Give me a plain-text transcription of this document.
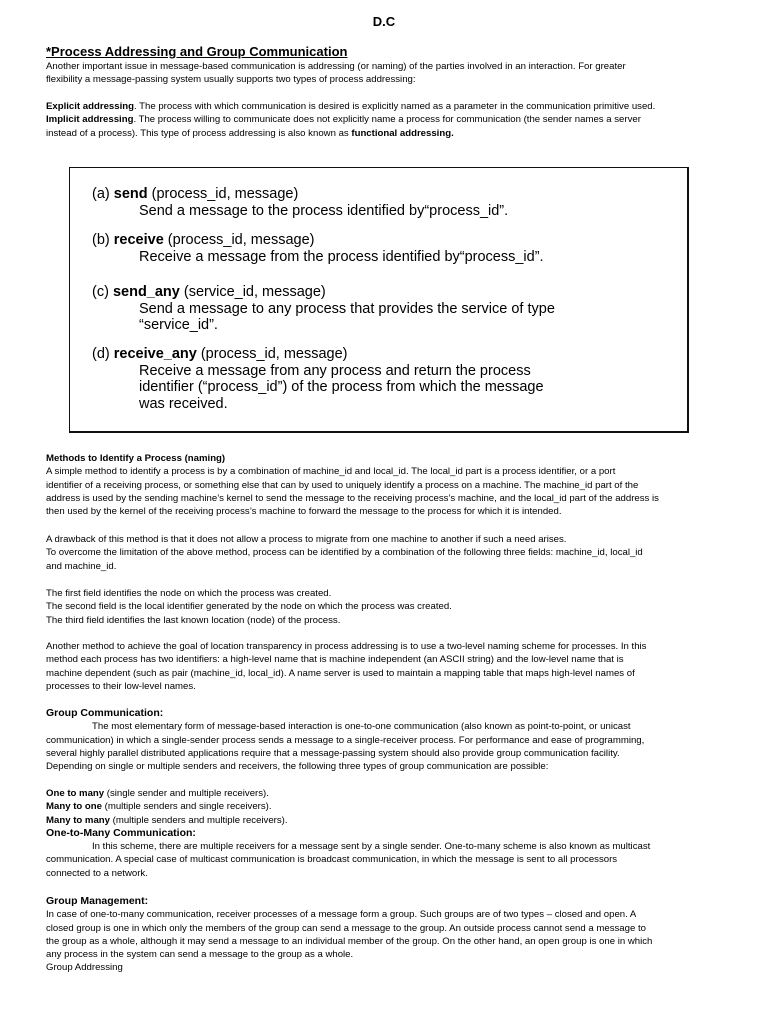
D.C
*Process Addressing and Group Communication

Another important issue in message-based communication is addressing (or naming) of the parties involved in an interaction. For greater

flexibility a message-passing system usually supports two types of process addressing:

Explicit addressing. The process with which communication is desired is explicitly named as a parameter in the communication primitive used.

Implicit addressing. The process willing to communicate does not explicitly name a process for communication (the sender names a server

instead of a process). This type of process addressing is also known as functional addressing.

(a) send (process_id, message)
Send a message to the process identified by“process_id”.
(b) receive (process_id, message)
Receive a message from the process identified by“process_id”.
(c) send_any (service_id, message)
Send a message to any process that provides the service of type
“service_id”.
(d) receive_any (process_id, message)
Receive a message from any process and return the process
identifier (“process_id”) of the process from which the message
was received.

Methods to Identify a Process (naming)

A simple method to identify a process is by a combination of machine_id and local_id. The local_id part is a process identifier, or a port

identifier of a receiving process, or something else that can by used to uniquely identify a process on a machine. The machine_id part of the

address is used by the sending machine’s kernel to send the message to the receiving process’s machine, and the local_id part of the address is

then used by the kernel of the receiving process’s machine to forward the message to the process for which it is intended.

A drawback of this method is that it does not allow a process to migrate from one machine to another if such a need arises.

To overcome the limitation of the above method, process can be identified by a combination of the following three fields: machine_id, local_id

and machine_id.

The first field identifies the node on which the process was created.

The second field is the local identifier generated by the node on which the process was created.

The third field identifies the last known location (node) of the process.

Another method to achieve the goal of location transparency in process addressing is to use a two-level naming scheme for processes. In this

method each process has two identifiers: a high-level name that is machine independent (an ASCII string) and the low-level name that is

machine dependent (such as pair (machine_id, local_id). A name server is used to maintain a mapping table that maps high-level names of

processes to their low-level names.

Group Communication:

The most elementary form of message-based interaction is one-to-one communication (also known as point-to-point, or unicast

communication) in which a single-sender process sends a message to a single-receiver process. For performance and ease of programming,

several highly parallel distributed applications require that a message-passing system should also provide group communication facility.

Depending on single or multiple senders and receivers, the following three types of group communication are possible:

One to many (single sender and multiple receivers).

Many to one (multiple senders and single receivers).

Many to many (multiple senders and multiple receivers).

One-to-Many Communication:

In this scheme, there are multiple receivers for a message sent by a single sender. One-to-many scheme is also known as multicast

communication. A special case of multicast communication is broadcast communication, in which the message is sent to all processors

connected to a network.

Group Management:

In case of one-to-many communication, receiver processes of a message form a group. Such groups are of two types – closed and open. A

closed group is one in which only the members of the group can send a message to the group. An outside process cannot send a message to

the group as a whole, although it may send a message to an individual member of the group. On the other hand, an open group is one in which

any process in the system can send a message to the group as a whole.

Group Addressing
